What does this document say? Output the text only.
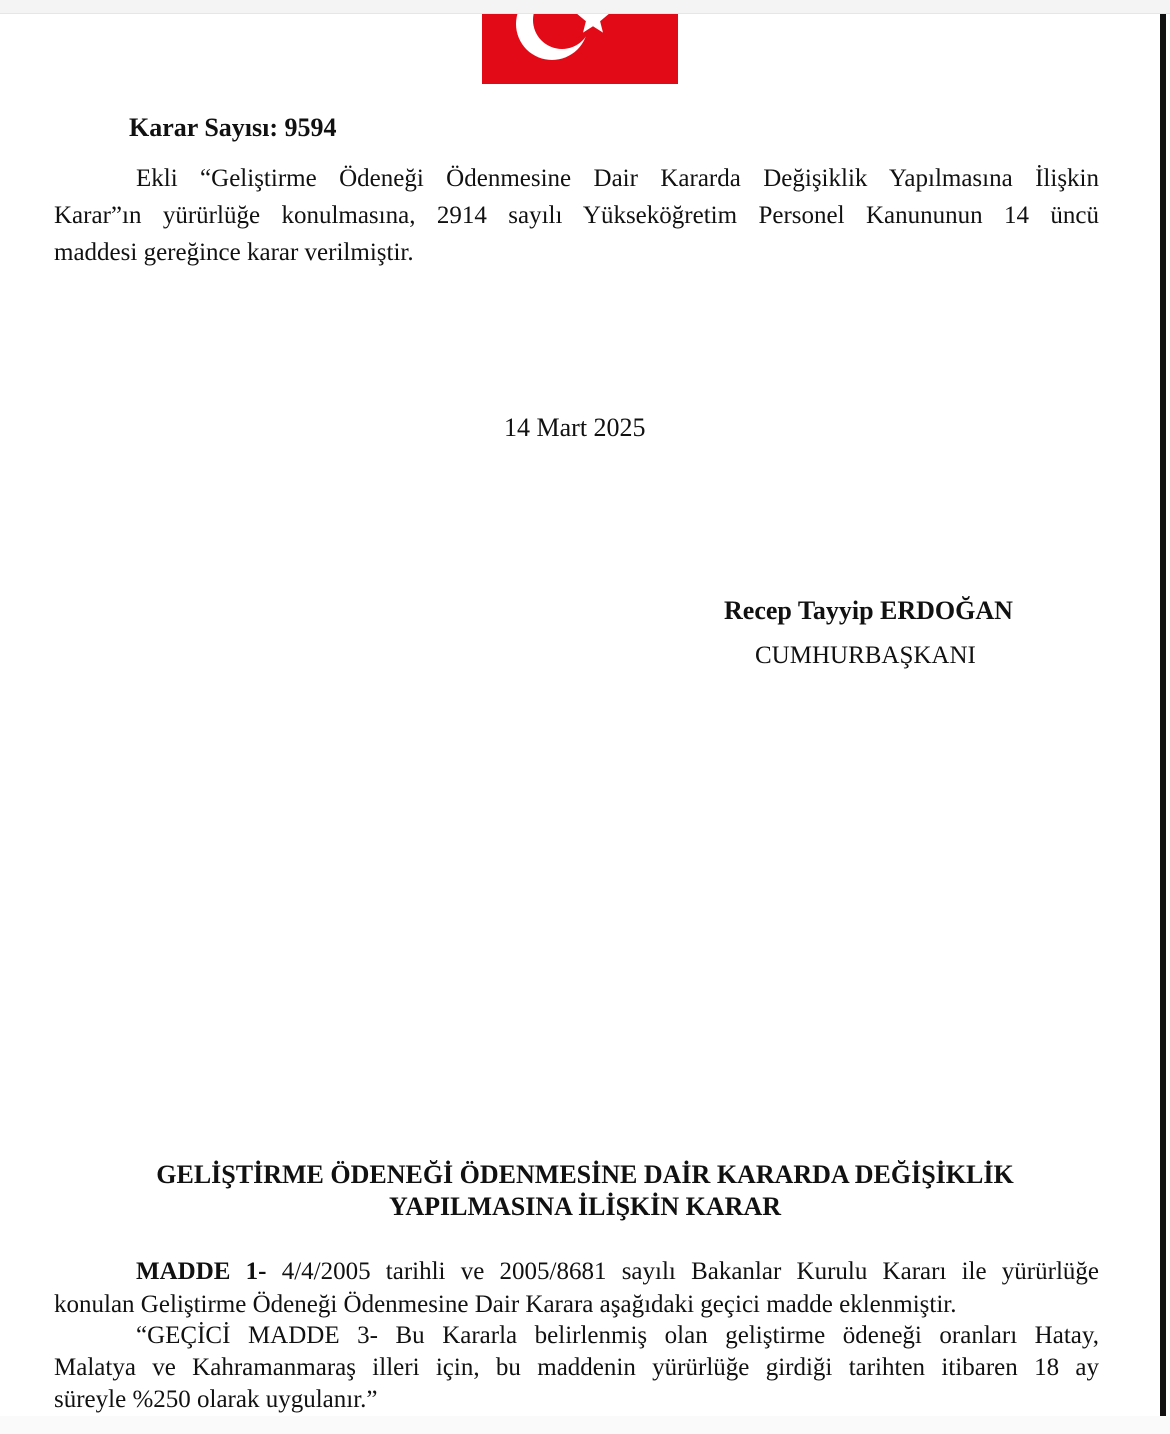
Karar Sayısı: 9594
Ekli “Geliştirme Ödeneği Ödenmesine Dair Kararda Değişiklik Yapılmasına İlişkin
Karar”ın yürürlüğe konulmasına, 2914 sayılı Yükseköğretim Personel Kanununun 14 üncü
maddesi gereğince karar verilmiştir.
14 Mart 2025
Recep Tayyip ERDOĞAN
CUMHURBAŞKANI
GELİŞTİRME ÖDENEĞİ ÖDENMESİNE DAİR KARARDA DEĞİŞİKLİK
YAPILMASINA İLİŞKİN KARAR
MADDE 1- 4/4/2005 tarihli ve 2005/8681 sayılı Bakanlar Kurulu Kararı ile yürürlüğe
konulan Geliştirme Ödeneği Ödenmesine Dair Karara aşağıdaki geçici madde eklenmiştir.
“GEÇİCİ MADDE 3- Bu Kararla belirlenmiş olan geliştirme ödeneği oranları Hatay,
Malatya ve Kahramanmaraş illeri için, bu maddenin yürürlüğe girdiği tarihten itibaren 18 ay
süreyle %250 olarak uygulanır.”
